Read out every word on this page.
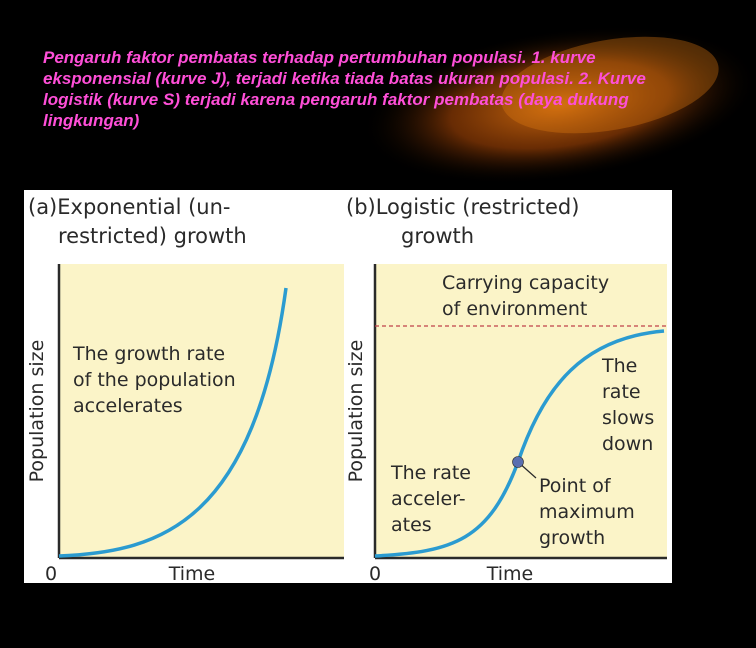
Pengaruh faktor pembatas terhadap pertumbuhan populasi. 1. kurve eksponensial (kurve J), terjadi ketika tiada batas ukuran populasi. 2. Kurve logistik (kurve S) terjadi karena pengaruh faktor pembatas (daya dukung lingkungan)

(a)Exponential (un-
restricted) growth
(b)Logistic (restricted)
growth
0	Time
Population size The growth rate
of the population
accelerates
0	Time
Population size
Carrying capacity
of environment
The
rate
slows
down
The rate
acceler-
ates
Point of
maximum
growth
